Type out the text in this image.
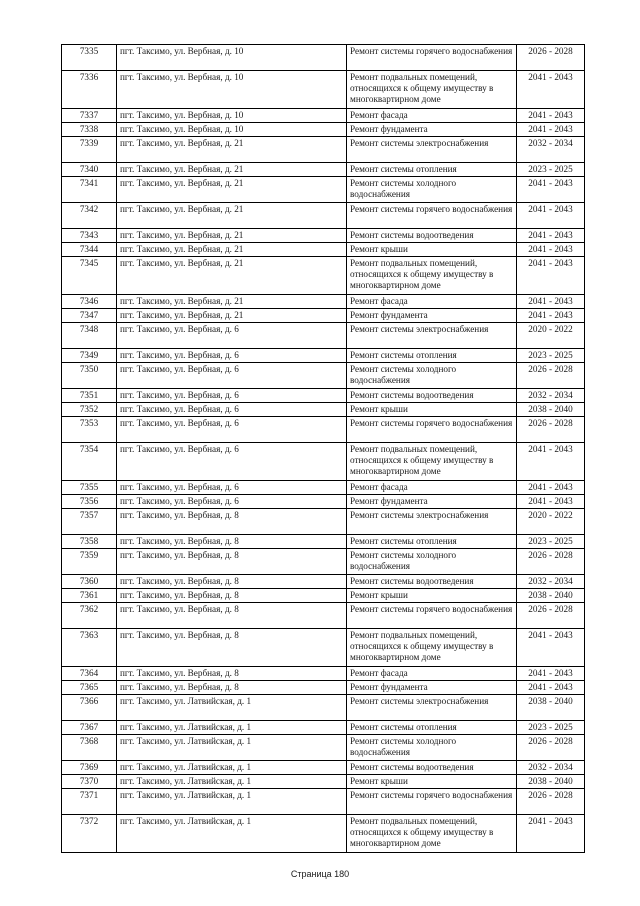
7335	пгт. Таксимо, ул. Вербная, д. 10	Ремонт системы горячего водоснабжения	2026 - 2028
7336	пгт. Таксимо, ул. Вербная, д. 10	Ремонт подвальных помещений, относящихся к общему имуществу в многоквартирном доме	2041 - 2043
7337	пгт. Таксимо, ул. Вербная, д. 10	Ремонт фасада	2041 - 2043
7338	пгт. Таксимо, ул. Вербная, д. 10	Ремонт фундамента	2041 - 2043
7339	пгт. Таксимо, ул. Вербная, д. 21	Ремонт системы электроснабжения	2032 - 2034
7340	пгт. Таксимо, ул. Вербная, д. 21	Ремонт системы отопления	2023 - 2025
7341	пгт. Таксимо, ул. Вербная, д. 21	Ремонт системы холодного водоснабжения	2041 - 2043
7342	пгт. Таксимо, ул. Вербная, д. 21	Ремонт системы горячего водоснабжения	2041 - 2043
7343	пгт. Таксимо, ул. Вербная, д. 21	Ремонт системы водоотведения	2041 - 2043
7344	пгт. Таксимо, ул. Вербная, д. 21	Ремонт крыши	2041 - 2043
7345	пгт. Таксимо, ул. Вербная, д. 21	Ремонт подвальных помещений, относящихся к общему имуществу в многоквартирном доме	2041 - 2043
7346	пгт. Таксимо, ул. Вербная, д. 21	Ремонт фасада	2041 - 2043
7347	пгт. Таксимо, ул. Вербная, д. 21	Ремонт фундамента	2041 - 2043
7348	пгт. Таксимо, ул. Вербная, д. 6	Ремонт системы электроснабжения	2020 - 2022
7349	пгт. Таксимо, ул. Вербная, д. 6	Ремонт системы отопления	2023 - 2025
7350	пгт. Таксимо, ул. Вербная, д. 6	Ремонт системы холодного водоснабжения	2026 - 2028
7351	пгт. Таксимо, ул. Вербная, д. 6	Ремонт системы водоотведения	2032 - 2034
7352	пгт. Таксимо, ул. Вербная, д. 6	Ремонт крыши	2038 - 2040
7353	пгт. Таксимо, ул. Вербная, д. 6	Ремонт системы горячего водоснабжения	2026 - 2028
7354	пгт. Таксимо, ул. Вербная, д. 6	Ремонт подвальных помещений, относящихся к общему имуществу в многоквартирном доме	2041 - 2043
7355	пгт. Таксимо, ул. Вербная, д. 6	Ремонт фасада	2041 - 2043
7356	пгт. Таксимо, ул. Вербная, д. 6	Ремонт фундамента	2041 - 2043
7357	пгт. Таксимо, ул. Вербная, д. 8	Ремонт системы электроснабжения	2020 - 2022
7358	пгт. Таксимо, ул. Вербная, д. 8	Ремонт системы отопления	2023 - 2025
7359	пгт. Таксимо, ул. Вербная, д. 8	Ремонт системы холодного водоснабжения	2026 - 2028
7360	пгт. Таксимо, ул. Вербная, д. 8	Ремонт системы водоотведения	2032 - 2034
7361	пгт. Таксимо, ул. Вербная, д. 8	Ремонт крыши	2038 - 2040
7362	пгт. Таксимо, ул. Вербная, д. 8	Ремонт системы горячего водоснабжения	2026 - 2028
7363	пгт. Таксимо, ул. Вербная, д. 8	Ремонт подвальных помещений, относящихся к общему имуществу в многоквартирном доме	2041 - 2043
7364	пгт. Таксимо, ул. Вербная, д. 8	Ремонт фасада	2041 - 2043
7365	пгт. Таксимо, ул. Вербная, д. 8	Ремонт фундамента	2041 - 2043
7366	пгт. Таксимо, ул. Латвийская, д. 1	Ремонт системы электроснабжения	2038 - 2040
7367	пгт. Таксимо, ул. Латвийская, д. 1	Ремонт системы отопления	2023 - 2025
7368	пгт. Таксимо, ул. Латвийская, д. 1	Ремонт системы холодного водоснабжения	2026 - 2028
7369	пгт. Таксимо, ул. Латвийская, д. 1	Ремонт системы водоотведения	2032 - 2034
7370	пгт. Таксимо, ул. Латвийская, д. 1	Ремонт крыши	2038 - 2040
7371	пгт. Таксимо, ул. Латвийская, д. 1	Ремонт системы горячего водоснабжения	2026 - 2028
7372	пгт. Таксимо, ул. Латвийская, д. 1	Ремонт подвальных помещений, относящихся к общему имуществу в многоквартирном доме	2041 - 2043
Страница 180
